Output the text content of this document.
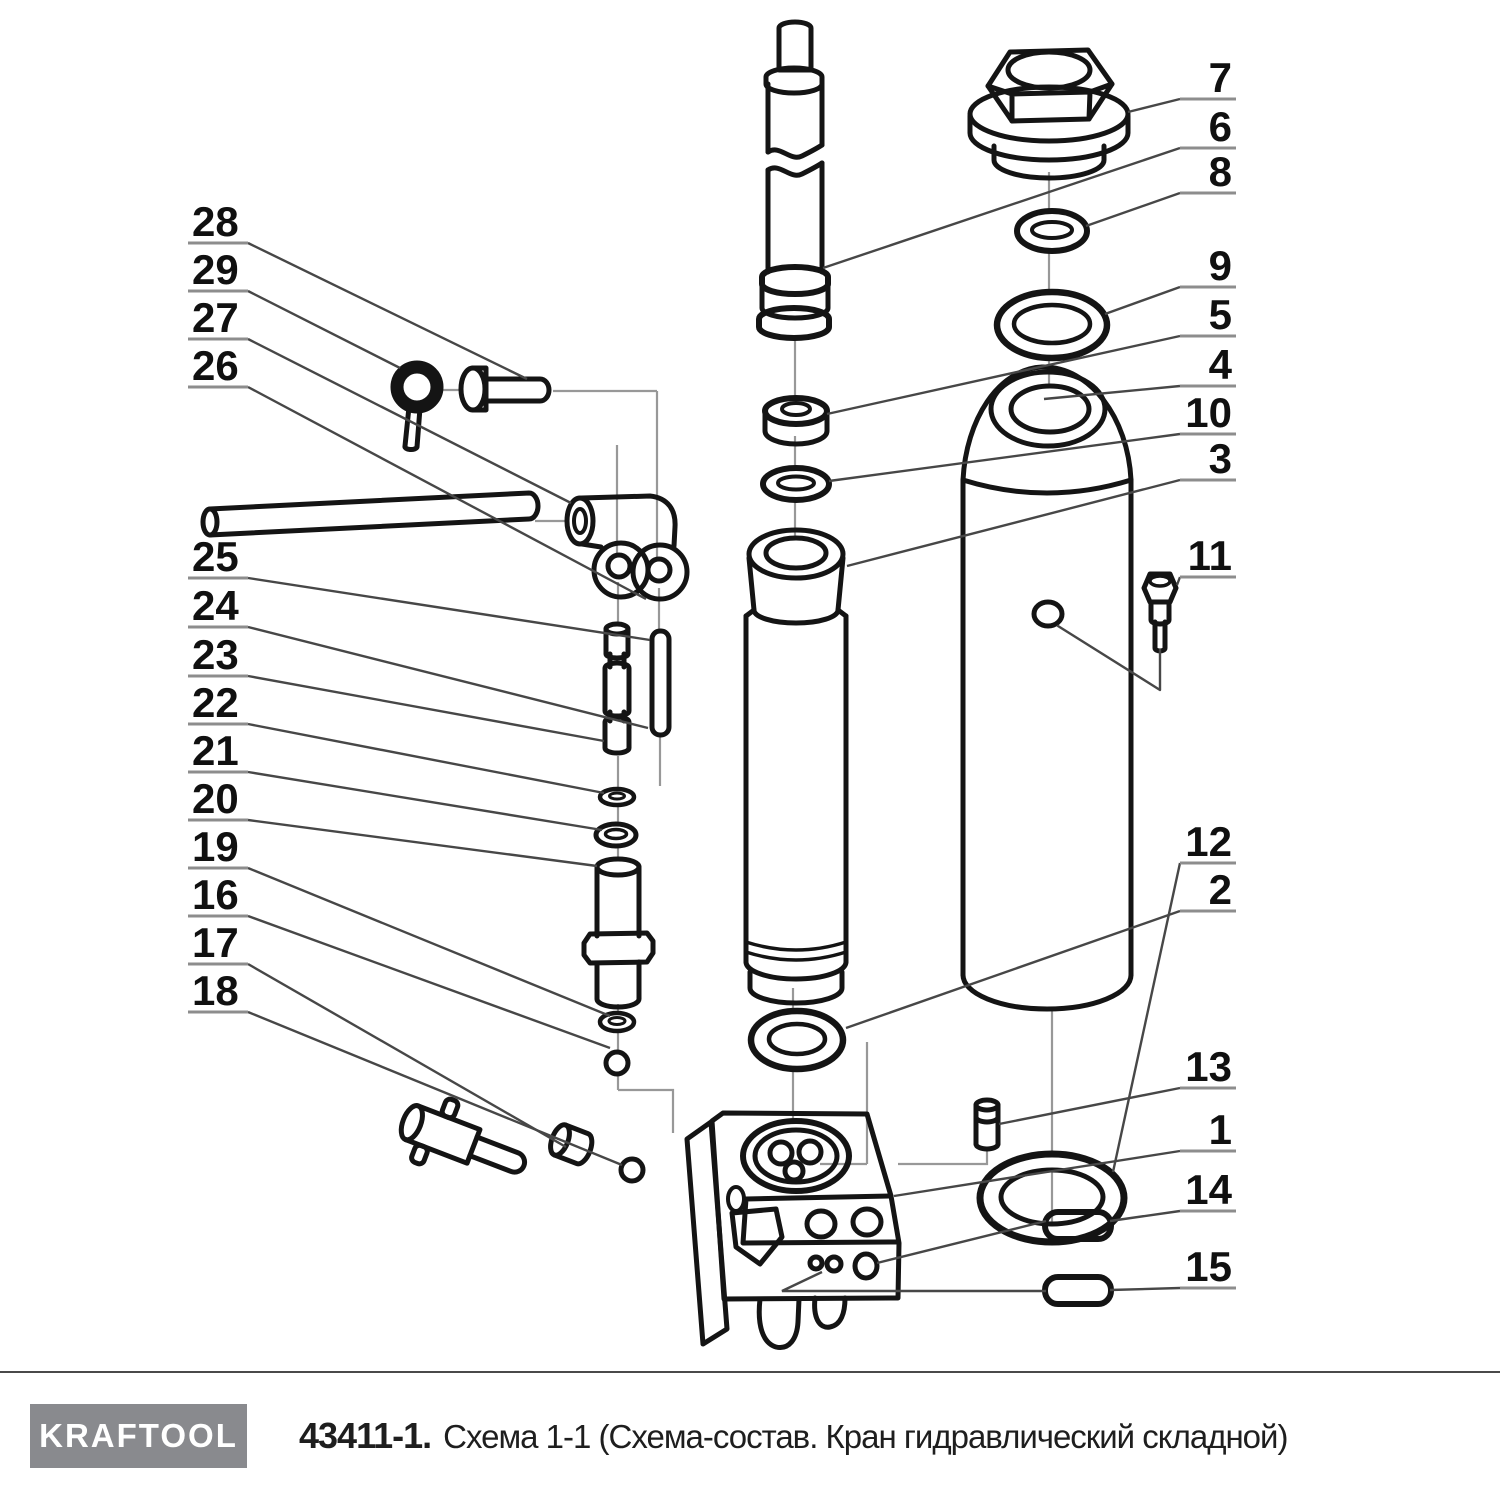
1
2
3
4
5
6
7
8
9
10
11
12
13
14
15
16
17
18
19
20
21
22
23
24
25
26
27
28
29
KRAFTOOL 43411-1. Схема 1-1 (Схема-состав. Кран гидравлический складной)
